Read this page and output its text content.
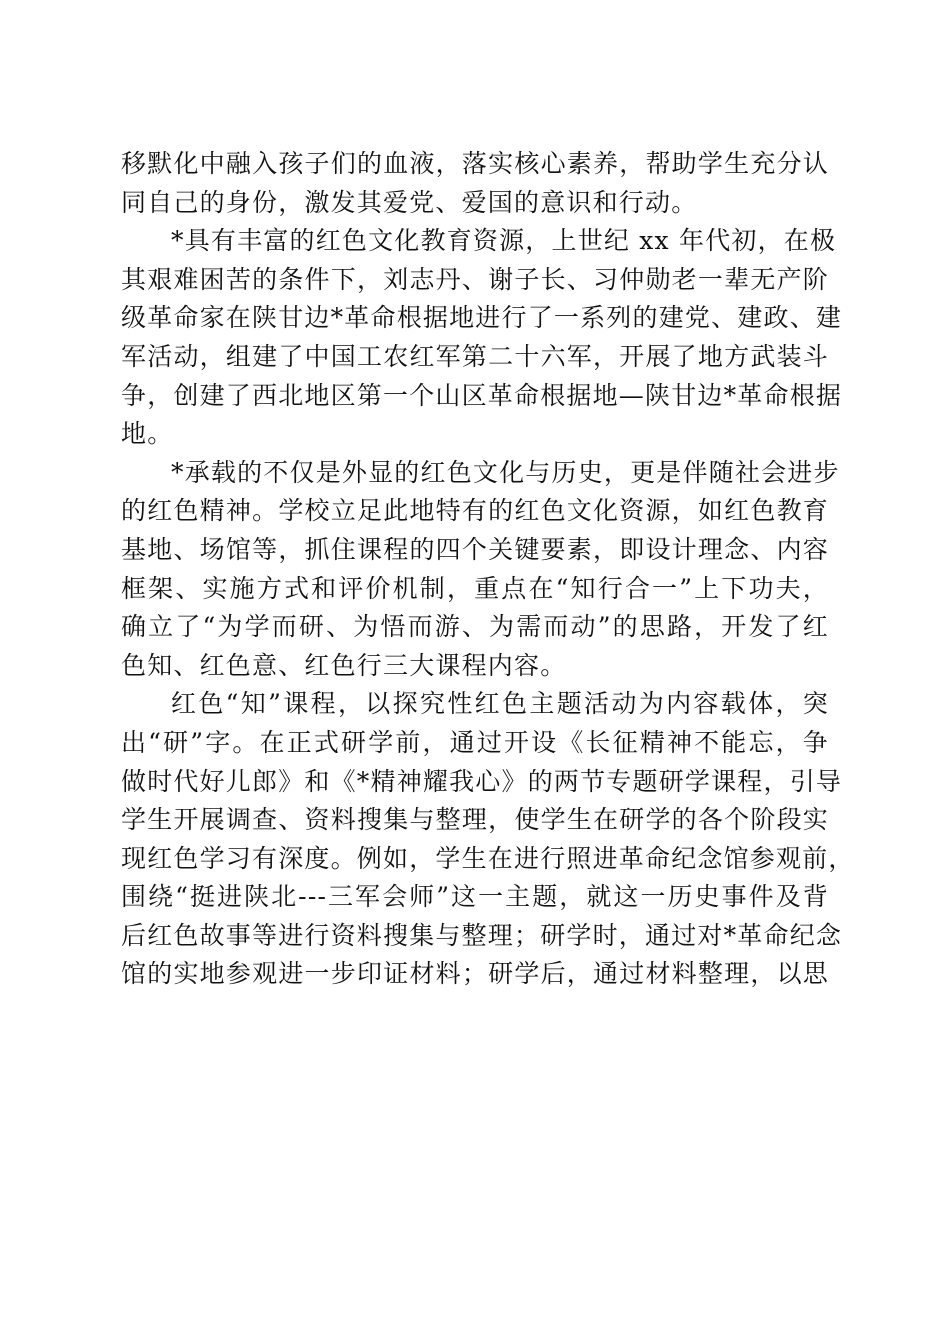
移默化中融入孩子们的血液，落实核心素养，帮助学生充分认
同自己的身份，激发其爱党、爱国的意识和行动。
*具有丰富的红色文化教育资源，上世纪 xx 年代初，在极
其艰难困苦的条件下，刘志丹、谢子长、习仲勋老一辈无产阶
级革命家在陕甘边*革命根据地进行了一系列的建党、建政、建
军活动，组建了中国工农红军第二十六军，开展了地方武装斗
争，创建了西北地区第一个山区革命根据地—陕甘边*革命根据
地。
*承载的不仅是外显的红色文化与历史，更是伴随社会进步
的红色精神。学校立足此地特有的红色文化资源，如红色教育
基地、场馆等，抓住课程的四个关键要素，即设计理念、内容
框架、实施方式和评价机制，重点在“知行合一”上下功夫，
确立了“为学而研、为悟而游、为需而动”的思路，开发了红
色知、红色意、红色行三大课程内容。
红色“知”课程，以探究性红色主题活动为内容载体，突
出“研”字。在正式研学前，通过开设《长征精神不能忘，争
做时代好儿郎》和《*精神耀我心》的两节专题研学课程，引导
学生开展调查、资料搜集与整理，使学生在研学的各个阶段实
现红色学习有深度。例如，学生在进行照进革命纪念馆参观前，
围绕“挺进陕北---三军会师”这一主题，就这一历史事件及背
后红色故事等进行资料搜集与整理；研学时，通过对*革命纪念
馆的实地参观进一步印证材料；研学后，通过材料整理，以思
